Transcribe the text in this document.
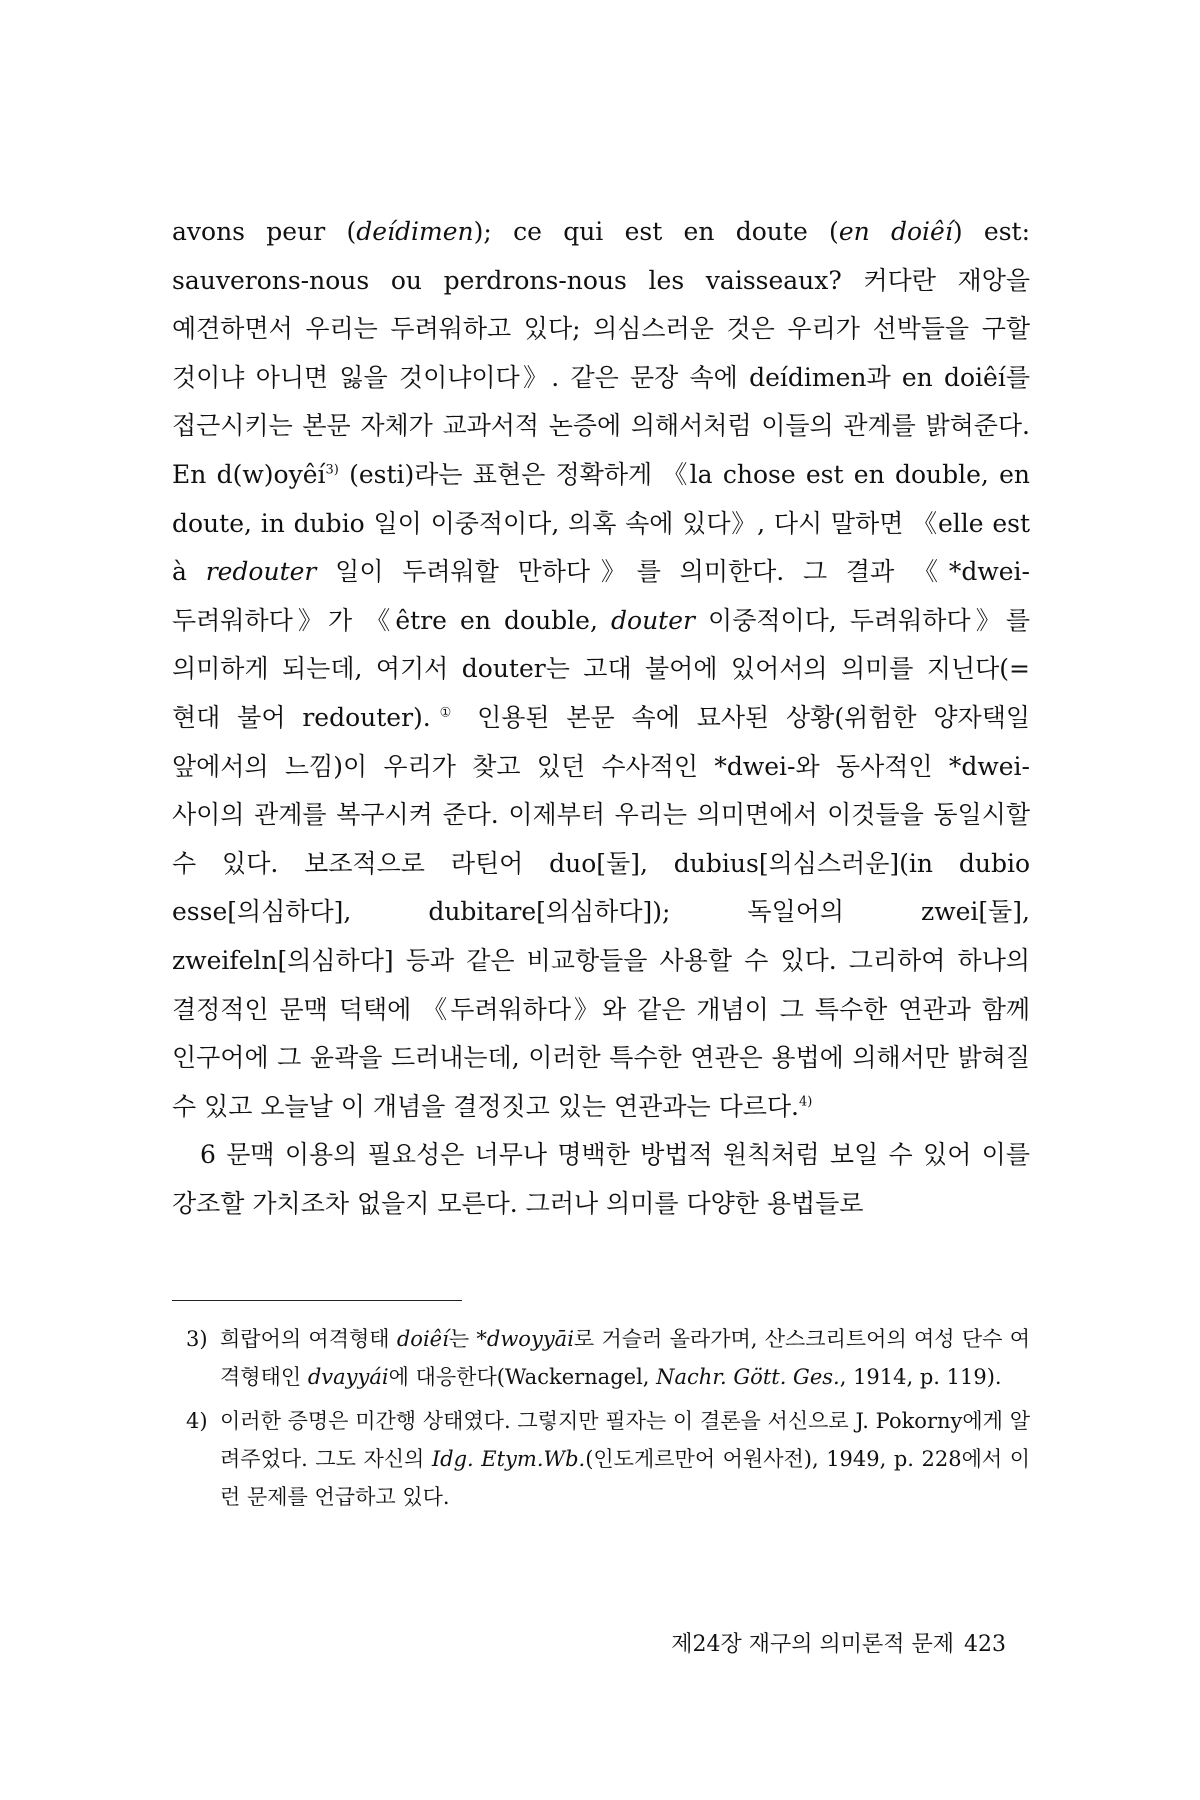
avons peur (deídimen); ce qui est en doute (en doiêí) est: sauverons-nous ou perdrons-nous les vaisseaux? 커다란 재앙을 예견하면서 우리는 두려워하고 있다; 의심스러운 것은 우리가 선박들을 구할 것이냐 아니면 잃을 것이냐이다》. 같은 문장 속에 deídimen과 en doiêí를 접근시키는 본문 자체가 교과서적 논증에 의해서처럼 이들의 관계를 밝혀준다. En d(w)oyêí$^{3)}$ (esti)라는 표현은 정확하게 《la chose est en double, en doute, in dubio 일이 이중적이다, 의혹 속에 있다》, 다시 말하면 《elle est à redouter 일이 두려워할 만하다》를 의미한다. 그 결과 《*dwei- 두려워하다》가 《être en double, douter 이중적이다, 두려워하다》를 의미하게 되는데, 여기서 douter는 고대 불어에 있어서의 의미를 지닌다(=현대 불어 redouter).① 인용된 본문 속에 묘사된 상황(위험한 양자택일 앞에서의 느낌)이 우리가 찾고 있던 수사적인 *dwei-와 동사적인 *dwei- 사이의 관계를 복구시켜 준다. 이제부터 우리는 의미면에서 이것들을 동일시할 수 있다. 보조적으로 라틴어 duo[둘], dubius[의심스러운](in dubio esse[의심하다], dubitare[의심하다]); 독일어의 zwei[둘], zweifeln[의심하다] 등과 같은 비교항들을 사용할 수 있다. 그리하여 하나의 결정적인 문맥 덕택에 《두려워하다》와 같은 개념이 그 특수한 연관과 함께 인구어에 그 윤곽을 드러내는데, 이러한 특수한 연관은 용법에 의해서만 밝혀질 수 있고 오늘날 이 개념을 결정짓고 있는 연관과는 다르다.$^{4)}$

6 문맥 이용의 필요성은 너무나 명백한 방법적 원칙처럼 보일 수 있어 이를 강조할 가치조차 없을지 모른다. 그러나 의미를 다양한 용법들로

3) 희랍어의 여격형태 doiêí는 *dwoyyāi로 거슬러 올라가며, 산스크리트어의 여성 단수 여격형태인 dvayyái에 대응한다(Wackernagel, Nachr. Gött. Ges., 1914, p. 119).
4) 이러한 증명은 미간행 상태였다. 그렇지만 필자는 이 결론을 서신으로 J. Pokorny에게 알려주었다. 그도 자신의 Idg. Etym.Wb.(인도게르만어 어원사전), 1949, p. 228에서 이런 문제를 언급하고 있다.
제24장 재구의 의미론적 문제 423
